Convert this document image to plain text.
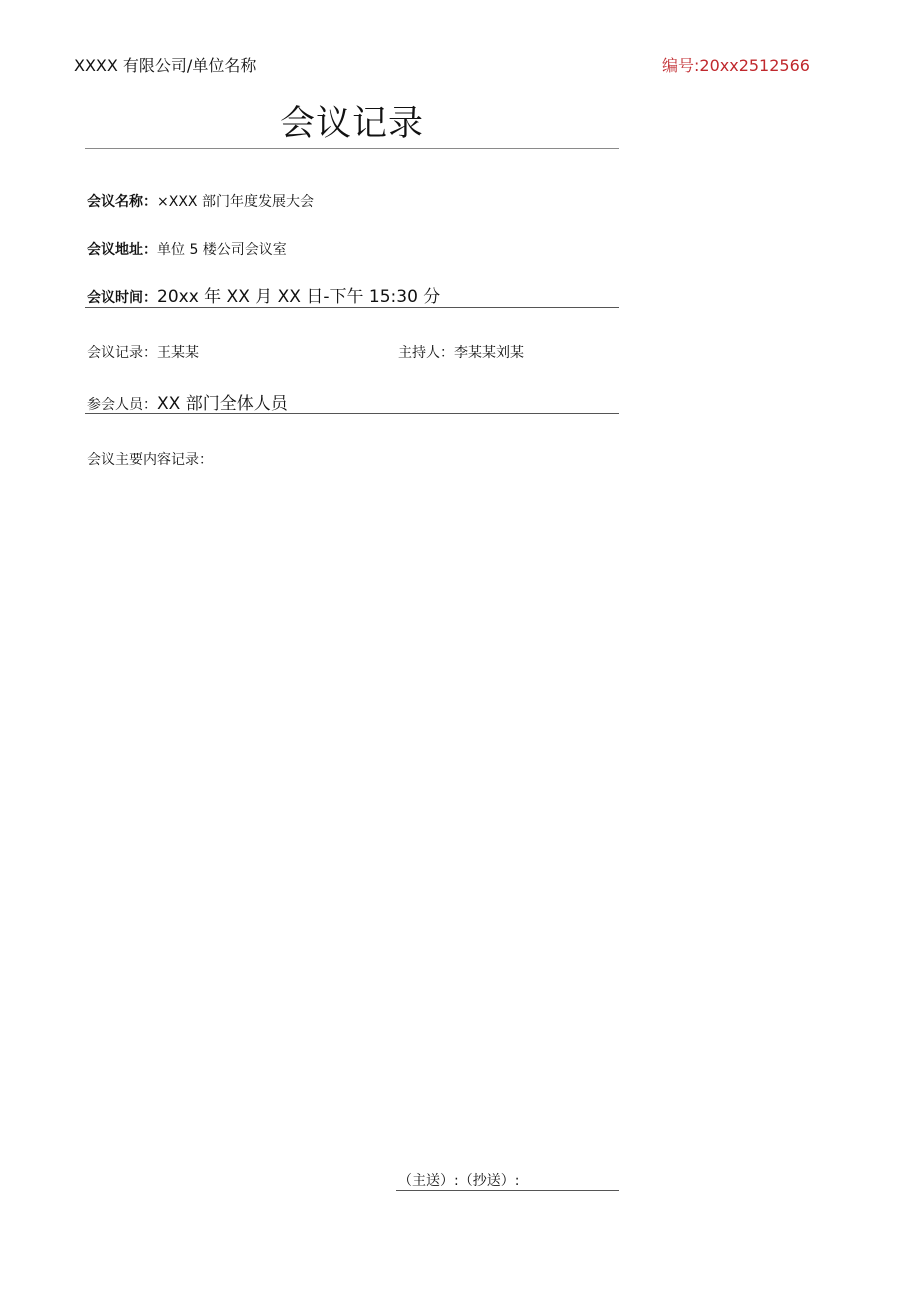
XXXX 有限公司/单位名称	编号:20xx2512566
会议记录
会议名称：×XXX 部门年度发展大会
会议地址：单位 5 楼公司会议室
会议时间：20xx 年 XX 月 XX 日-下午 15:30 分
会议记录：王某某	主持人：李某某刘某
参会人员：XX 部门全体人员
会议主要内容记录：
（主送）:（抄送）:
